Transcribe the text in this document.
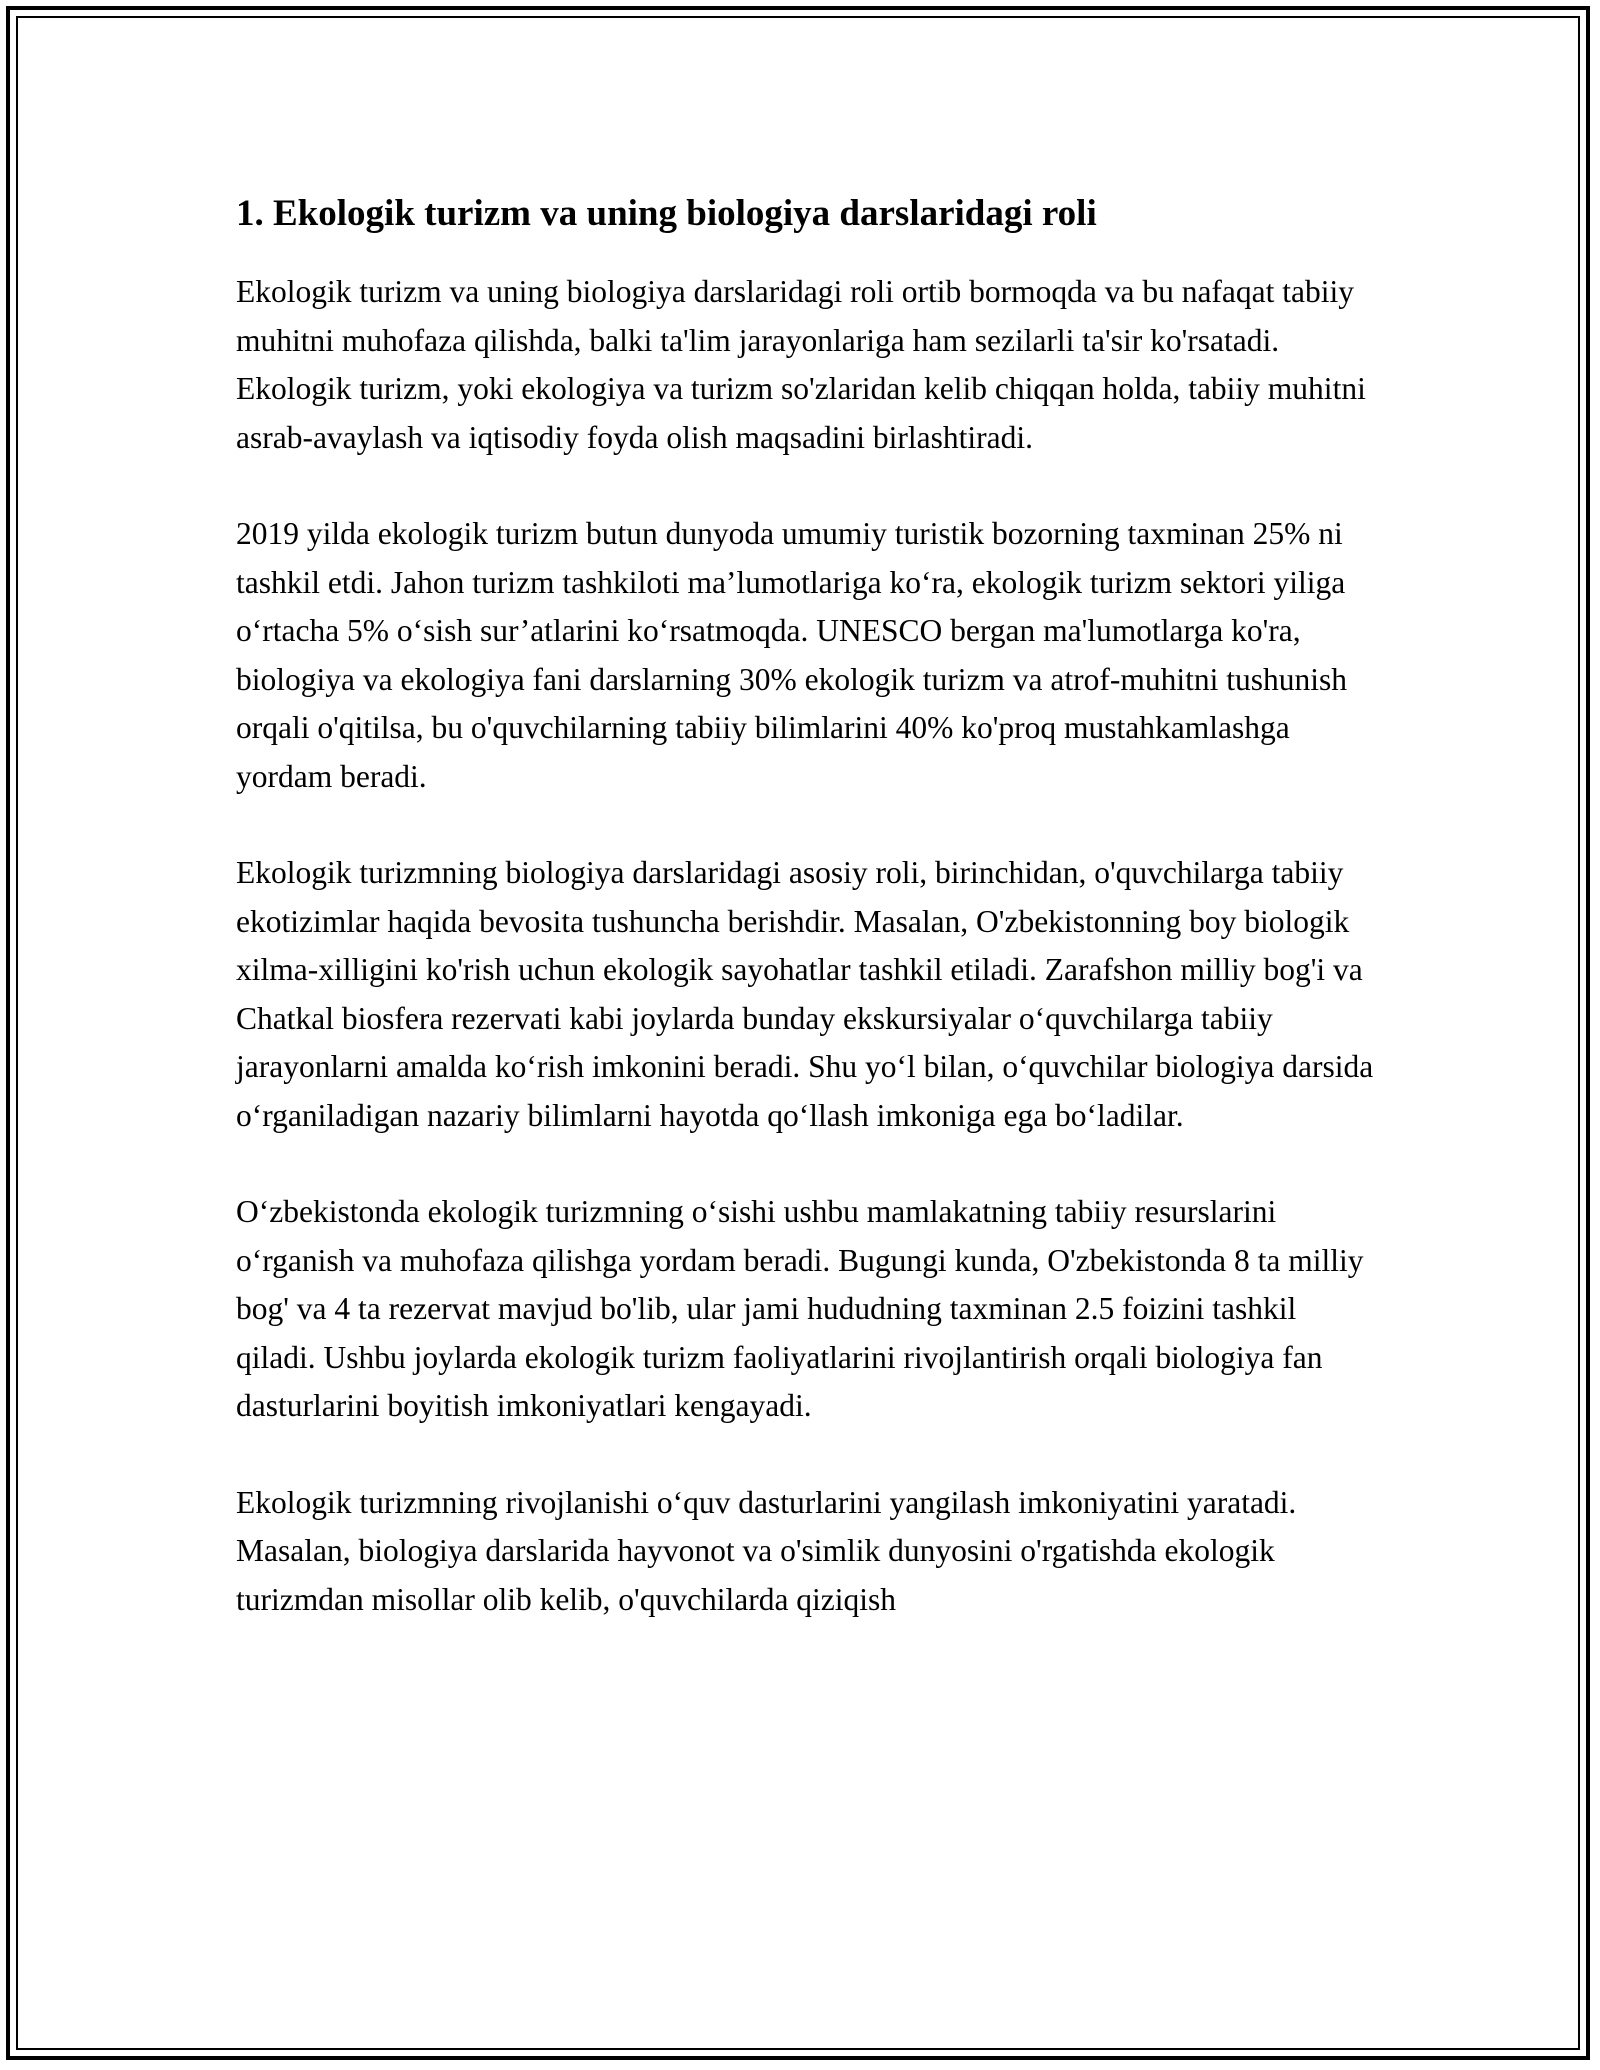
1. Ekologik turizm va uning biologiya darslaridagi roli

Ekologik turizm va uning biologiya darslaridagi roli ortib bormoqda va bu nafaqat tabiiy muhitni muhofaza qilishda, balki ta'lim jarayonlariga ham sezilarli ta'sir ko'rsatadi. Ekologik turizm, yoki ekologiya va turizm so'zlaridan kelib chiqqan holda, tabiiy muhitni asrab-avaylash va iqtisodiy foyda olish maqsadini birlashtiradi.

2019 yilda ekologik turizm butun dunyoda umumiy turistik bozorning taxminan 25% ni tashkil etdi. Jahon turizm tashkiloti ma’lumotlariga ko‘ra, ekologik turizm sektori yiliga o‘rtacha 5% o‘sish sur’atlarini ko‘rsatmoqda. UNESCO bergan ma'lumotlarga ko'ra, biologiya va ekologiya fani darslarning 30% ekologik turizm va atrof-muhitni tushunish orqali o'qitilsa, bu o'quvchilarning tabiiy bilimlarini 40% ko'proq mustahkamlashga yordam beradi.

Ekologik turizmning biologiya darslaridagi asosiy roli, birinchidan, o'quvchilarga tabiiy ekotizimlar haqida bevosita tushuncha berishdir. Masalan, O'zbekistonning boy biologik xilma-xilligini ko'rish uchun ekologik sayohatlar tashkil etiladi. Zarafshon milliy bog'i va Chatkal biosfera rezervati kabi joylarda bunday ekskursiyalar o‘quvchilarga tabiiy jarayonlarni amalda ko‘rish imkonini beradi. Shu yo‘l bilan, o‘quvchilar biologiya darsida o‘rganiladigan nazariy bilimlarni hayotda qo‘llash imkoniga ega bo‘ladilar.

O‘zbekistonda ekologik turizmning o‘sishi ushbu mamlakatning tabiiy resurslarini o‘rganish va muhofaza qilishga yordam beradi. Bugungi kunda, O'zbekistonda 8 ta milliy bog' va 4 ta rezervat mavjud bo'lib, ular jami hududning taxminan 2.5 foizini tashkil qiladi. Ushbu joylarda ekologik turizm faoliyatlarini rivojlantirish orqali biologiya fan dasturlarini boyitish imkoniyatlari kengayadi.

Ekologik turizmning rivojlanishi o‘quv dasturlarini yangilash imkoniyatini yaratadi. Masalan, biologiya darslarida hayvonot va o'simlik dunyosini o'rgatishda ekologik turizmdan misollar olib kelib, o'quvchilarda qiziqish
